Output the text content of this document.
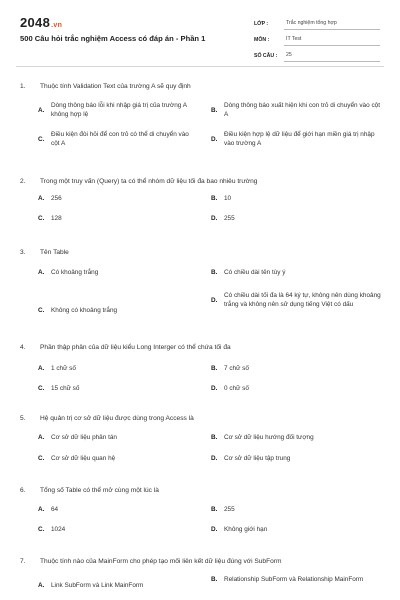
2048.vn
500 Câu hỏi trắc nghiệm Access có đáp án - Phần 1
LỚP :	Trắc nghiệm tổng hợp
MÔN :	IT Test
SỐ CÂU :	25
1.	Thuộc tính Validation Text của trường A sẽ quy định
A.
Dòng thông báo lỗi khi nhập giá trị của trường A không hợp lệ
B.
Dòng thông báo xuất hiện khi con trỏ di chuyển vào cột A
C.
Điều kiện đòi hỏi để con trỏ có thể di chuyển vào cột A
D.
Điều kiện hợp lệ dữ liệu để giới hạn miền giá trị nhập vào trường A
2.	Trong một truy vấn (Query) ta có thể nhóm dữ liệu tối đa bao nhiêu trường
A.	256	B.	10
C.	128	D.	255
3.	Tên Table
A.	Có khoảng trắng	B.	Có chiều dài tên tùy ý
C.	Không có khoảng trắng
D.
Có chiều dài tối đa là 64 ký tự, không nên dùng khoảng trắng và không nên sử dụng tiếng Việt có dấu
4.	Phần thập phân của dữ liệu kiểu Long Interger có thể chứa tối đa
A.	1 chữ số	B.	7 chữ số
C.	15 chữ số	D.	0 chữ số
5.	Hệ quản trị cơ sở dữ liệu được dùng trong Access là
A.	Cơ sở dữ liệu phân tán	B.	Cơ sở dữ liệu hướng đối tượng
C.	Cơ sở dữ liệu quan hệ	D.	Cơ sở dữ liệu tập trung
6.	Tổng số Table có thể mở cùng một lúc là
A.	64	B.	255
C.	1024	D.	Không giới hạn
7.	Thuộc tính nào của MainForm cho phép tạo mối liên kết dữ liệu đúng với SubForm
A.	Link SubForm và Link MainForm
B.	Relationship SubForm và Relationship MainForm
